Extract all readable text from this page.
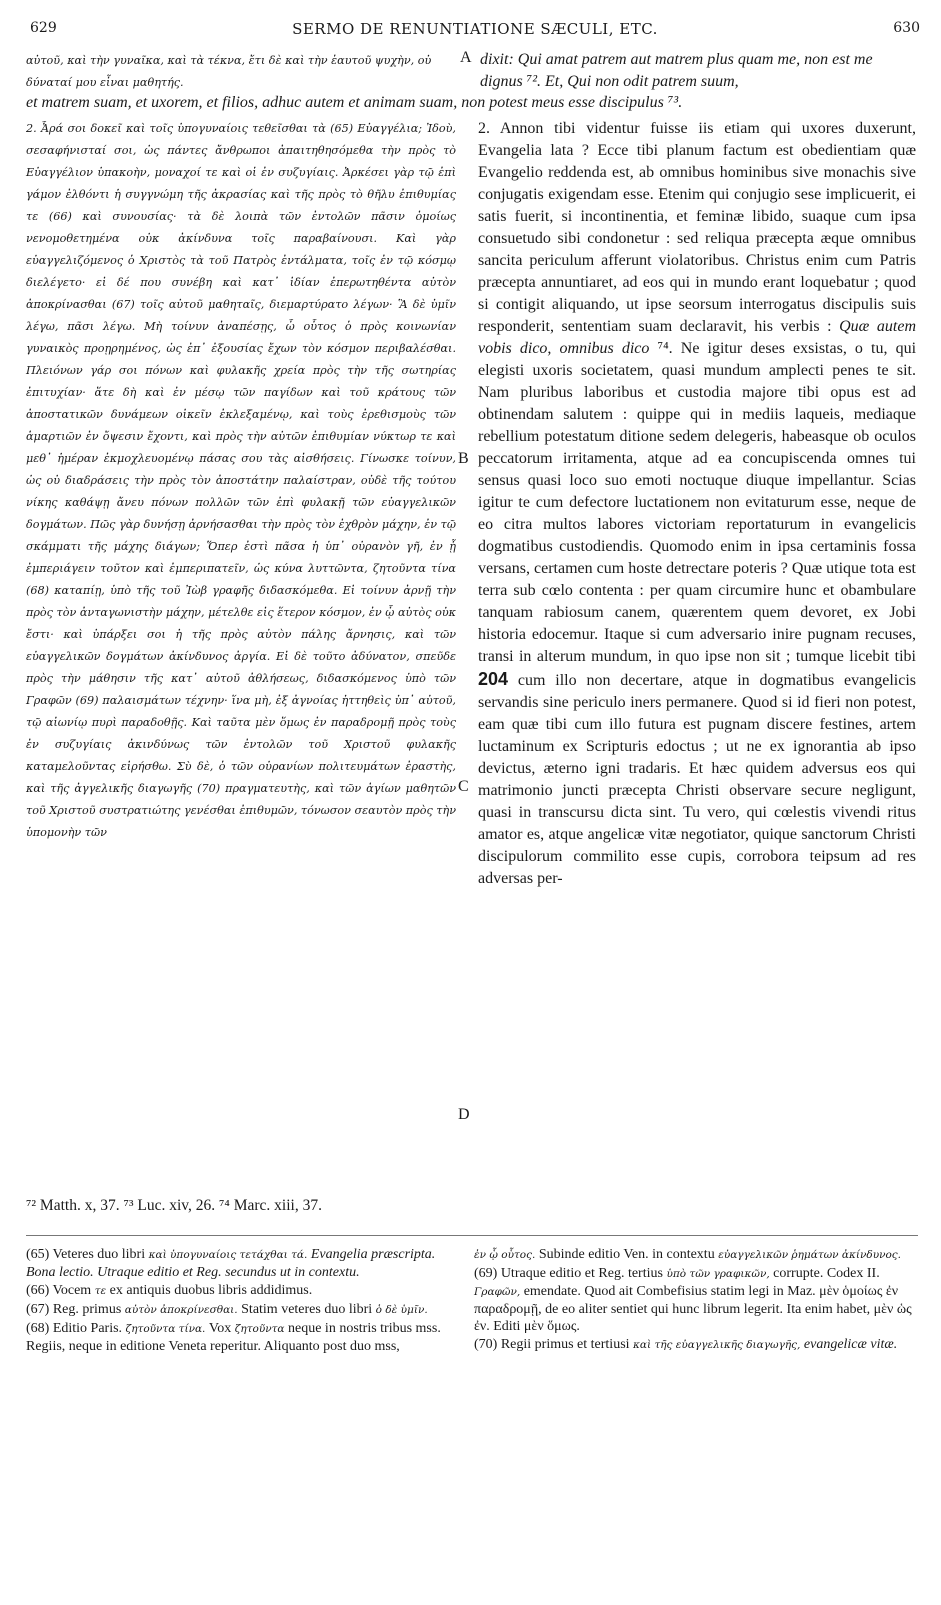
629	SERMO DE RENUNTIATIONE SÆCULI, ETC.	630
αὐτοῦ, καὶ τὴν γυναῖκα, καὶ τὰ τέκνα, ἔτι δὲ καὶ τὴν ἑαυτοῦ ψυχὴν, οὐ δύναταί μου εἶναι μαθητής.
A dixit: Qui amat patrem aut matrem plus quam me, non est me dignus ⁷². Et, Qui non odit patrem suum,
et matrem suam, et uxorem, et filios, adhuc autem et animam suam, non potest meus esse discipulus ⁷³.

2. Ἆρά σοι δοκεῖ καὶ τοῖς ὑπογυναίοις τεθεῖσθαι τὰ (65) Εὐαγγέλια; Ἰδοὺ, σεσαφήνισταί σοι, ὡς πάντες ἄνθρωποι ἀπαιτηθησόμεθα τὴν πρὸς τὸ Εὐαγγέλιον ὑπακοὴν, μοναχοί τε καὶ οἱ ἐν συζυγίαις. Ἀρκέσει γὰρ τῷ ἐπὶ γάμον ἐλθόντι ἡ συγγνώμη τῆς ἀκρασίας καὶ τῆς πρὸς τὸ θῆλυ ἐπιθυμίας τε (66) καὶ συνουσίας· τὰ δὲ λοιπὰ τῶν ἐντολῶν πᾶσιν ὁμοίως νενομοθετημένα οὐκ ἀκίνδυνα τοῖς παραβαίνουσι. Καὶ γὰρ εὐαγγελιζόμενος ὁ Χριστὸς τὰ τοῦ Πατρὸς ἐντάλματα, τοῖς ἐν τῷ κόσμῳ διελέγετο· εἰ δέ που συνέβη καὶ κατ᾽ ἰδίαν ἐπερωτηθέντα αὐτὸν ἀποκρίνασθαι (67) τοῖς αὐτοῦ μαθηταῖς, διεμαρτύρατο λέγων· Ἃ δὲ ὑμῖν λέγω, πᾶσι λέγω. Μὴ τοίνυν ἀναπέσῃς, ὦ οὗτος ὁ πρὸς κοινωνίαν γυναικὸς προῃρημένος, ὡς ἐπ᾽ ἐξουσίας ἔχων τὸν κόσμον περιβαλέσθαι. Πλειόνων γάρ σοι πόνων καὶ φυλακῆς χρεία πρὸς τὴν τῆς σωτηρίας ἐπιτυχίαν· ἅτε δὴ καὶ ἐν μέσῳ τῶν παγίδων καὶ τοῦ κράτους τῶν ἀποστατικῶν δυνάμεων οἰκεῖν ἐκλεξαμένῳ, καὶ τοὺς ἐρεθισμοὺς τῶν ἁμαρτιῶν ἐν ὄψεσιν ἔχοντι, καὶ πρὸς τὴν αὐτῶν ἐπιθυμίαν νύκτωρ τε καὶ μεθ᾽ ἡμέραν ἐκμοχλευομένῳ πάσας σου τὰς αἰσθήσεις. Γίνωσκε τοίνυν, ὡς οὐ διαδράσεις τὴν πρὸς τὸν ἀποστάτην παλαίστραν, οὐδὲ τῆς τούτου νίκης καθάψῃ ἄνευ πόνων πολλῶν τῶν ἐπὶ φυλακῇ τῶν εὐαγγελικῶν δογμάτων. Πῶς γὰρ δυνήσῃ ἀρνήσασθαι τὴν πρὸς τὸν ἐχθρὸν μάχην, ἐν τῷ σκάμματι τῆς μάχης διάγων; Ὅπερ ἐστὶ πᾶσα ἡ ὑπ᾽ οὐρανὸν γῆ, ἐν ᾗ ἐμπεριάγειν τοῦτον καὶ ἐμπεριπατεῖν, ὡς κύνα λυττῶντα, ζητοῦντα τίνα (68) καταπίῃ, ὑπὸ τῆς τοῦ Ἰὼβ γραφῆς διδασκόμεθα. Εἰ τοίνυν ἀρνῇ τὴν πρὸς τὸν ἀνταγωνιστὴν μάχην, μέτελθε εἰς ἕτερον κόσμον, ἐν ᾧ αὐτὸς οὐκ ἔστι· καὶ ὑπάρξει σοι ἡ τῆς πρὸς αὐτὸν πάλης ἄρνησις, καὶ τῶν εὐαγγελικῶν δογμάτων ἀκίνδυνος ἀργία. Εἰ δὲ τοῦτο ἀδύνατον, σπεῦδε πρὸς τὴν μάθησιν τῆς κατ᾽ αὐτοῦ ἀθλήσεως, διδασκόμενος ὑπὸ τῶν Γραφῶν (69) παλαισμάτων τέχνην· ἵνα μὴ, ἐξ ἀγνοίας ἡττηθεὶς ὑπ᾽ αὐτοῦ, τῷ αἰωνίῳ πυρὶ παραδοθῇς. Καὶ ταῦτα μὲν ὅμως ἐν παραδρομῇ πρὸς τοὺς ἐν συζυγίαις ἀκινδύνως τῶν ἐντολῶν τοῦ Χριστοῦ φυλακῆς καταμελοῦντας εἰρήσθω. Σὺ δὲ, ὁ τῶν οὐρανίων πολιτευμάτων ἐραστὴς, καὶ τῆς ἀγγελικῆς διαγωγῆς (70) πραγματευτὴς, καὶ τῶν ἁγίων μαθητῶν τοῦ Χριστοῦ συστρατιώτης γενέσθαι ἐπιθυμῶν, τόνωσον σεαυτὸν πρὸς τὴν ὑπομονὴν τῶν

B
C
D

2. Annon tibi videntur fuisse iis etiam qui uxores duxerunt, Evangelia lata ? Ecce tibi planum factum est obedientiam quæ Evangelio reddenda est, ab omnibus hominibus sive monachis sive conjugatis exigendam esse. Etenim qui conjugio sese implicuerit, ei satis fuerit, si incontinentia, et feminæ libido, suaque cum ipsa consuetudo sibi condonetur : sed reliqua præcepta æque omnibus sancita periculum afferunt violatoribus. Christus enim cum Patris præcepta annuntiaret, ad eos qui in mundo erant loquebatur ; quod si contigit aliquando, ut ipse seorsum interrogatus discipulis suis responderit, sententiam suam declaravit, his verbis : Quæ autem vobis dico, omnibus dico ⁷⁴. Ne igitur deses exsistas, o tu, qui elegisti uxoris societatem, quasi mundum amplecti penes te sit. Nam pluribus laboribus et custodia majore tibi opus est ad obtinendam salutem : quippe qui in mediis laqueis, mediaque rebellium potestatum ditione sedem delegeris, habeasque ob oculos peccatorum irritamenta, atque ad ea concupiscenda omnes tui sensus quasi loco suo emoti noctuque diuque impellantur. Scias igitur te cum defectore luctationem non evitaturum esse, neque de eo citra multos labores victoriam reportaturum in evangelicis dogmatibus custodiendis. Quomodo enim in ipsa certaminis fossa versans, certamen cum hoste detrectare poteris ? Quæ utique tota est terra sub cœlo contenta : per quam circumire hunc et obambulare tanquam rabiosum canem, quærentem quem devoret, ex Jobi historia edocemur. Itaque si cum adversario inire pugnam recuses, transi in alterum mundum, in quo ipse non sit ; tumque licebit tibi 204 cum illo non decertare, atque in dogmatibus evangelicis servandis sine periculo iners permanere. Quod si id fieri non potest, eam quæ tibi cum illo futura est pugnam discere festines, artem luctaminum ex Scripturis edoctus ; ut ne ex ignorantia ab ipso devictus, æterno igni tradaris. Et hæc quidem adversus eos qui matrimonio juncti præcepta Christi observare secure negligunt, quasi in transcursu dicta sint. Tu vero, qui cœlestis vivendi ritus amator es, atque angelicæ vitæ negotiator, quique sanctorum Christi discipulorum commilito esse cupis, corrobora teipsum ad res adversas per-

⁷² Matth. x, 37. ⁷³ Luc. xiv, 26. ⁷⁴ Marc. xiii, 37.

(65) Veteres duo libri καὶ ὑπογυναίοις τετάχθαι τά. Evangelia præscripta. Bona lectio. Utraque editio et Reg. secundus ut in contextu.

(66) Vocem τε ex antiquis duobus libris addidimus.

(67) Reg. primus αὐτὸν ἀποκρίνεσθαι. Statim veteres duo libri ὁ δὲ ὑμῖν.

(68) Editio Paris. ζητοῦντα τίνα. Vox ζητοῦντα neque in nostris tribus mss. Regiis, neque in editione Veneta reperitur. Aliquanto post duo mss,

ἐν ᾧ οὗτος. Subinde editio Ven. in contextu εὐαγγελικῶν ῥημάτων ἀκίνδυνος.

(69) Utraque editio et Reg. tertius ὑπὸ τῶν γραφικῶν, corrupte. Codex II. Γραφῶν, emendate. Quod ait Combefisius statim legi in Maz. μὲν ὁμοίως ἐν παραδρομῇ, de eo aliter sentiet qui hunc librum legerit. Ita enim habet, μὲν ὡς ἐν. Editi μὲν ὅμως.

(70) Regii primus et tertiusi καὶ τῆς εὐαγγελικῆς διαγωγῆς, evangelicæ vitæ.
